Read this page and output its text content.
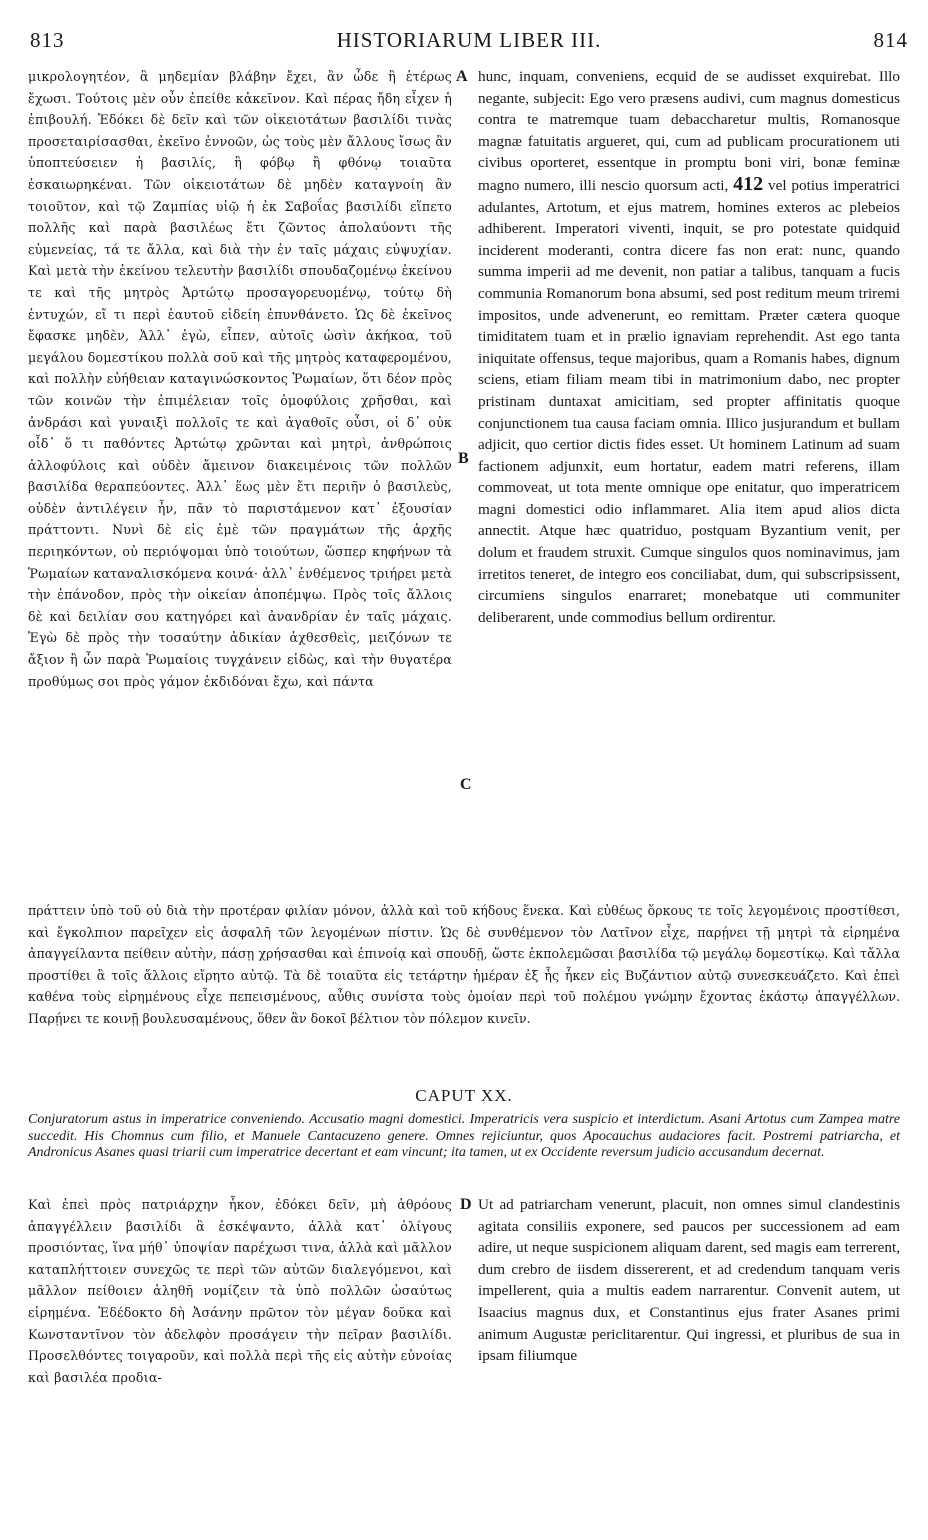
813	HISTORIARUM LIBER III.	814

μικρολογητέον, ἃ μηδεμίαν βλάβην ἔχει, ἂν ὧδε ἢ ἑτέρως ἔχωσι. Τούτοις μὲν οὖν ἐπείθε κἀκεῖνον. Καὶ πέρας ἤδη εἶχεν ἡ ἐπιβουλή. Ἐδόκει δὲ δεῖν καὶ τῶν οἰκειοτάτων βασιλίδι τινὰς προσεταιρίσασθαι, ἐκεῖνο ἐννοῶν, ὡς τοὺς μὲν ἄλλους ἴσως ἂν ὑποπτεύσειεν ἡ βασιλίς, ἢ φόβῳ ἢ φθόνῳ τοιαῦτα ἐσκαιωρηκέναι. Τῶν οἰκειοτάτων δὲ μηδὲν καταγνοίη ἂν τοιοῦτον, καὶ τῷ Ζαμπίας υἱῷ ἡ ἐκ Σαβοΐας βασιλίδι εἵπετο πολλῆς καὶ παρὰ βασιλέως ἔτι ζῶντος ἀπολαύοντι τῆς εὐμενείας, τά τε ἄλλα, καὶ διὰ τὴν ἐν ταῖς μάχαις εὐψυχίαν. Καὶ μετὰ τὴν ἐκείνου τελευτὴν βασιλίδι σπουδαζομένῳ ἐκείνου τε καὶ τῆς μητρὸς Ἀρτώτῳ προσαγορευομένῳ, τούτῳ δὴ ἐντυχών, εἴ τι περὶ ἑαυτοῦ εἰδείη ἐπυνθάνετο. Ὡς δὲ ἐκεῖνος ἔφασκε μηδὲν, Ἀλλ᾽ ἐγὼ, εἶπεν, αὐτοῖς ὠσὶν ἀκήκοα, τοῦ μεγάλου δομεστίκου πολλὰ σοῦ καὶ τῆς μητρὸς καταφερομένου, καὶ πολλὴν εὐήθειαν καταγινώσκοντος Ῥωμαίων, ὅτι δέον πρὸς τῶν κοινῶν τὴν ἐπιμέλειαν τοῖς ὁμοφύλοις χρῆσθαι, καὶ ἀνδράσι καὶ γυναιξὶ πολλοῖς τε καὶ ἀγαθοῖς οὖσι, οἱ δ᾽ οὐκ οἶδ᾽ ὅ τι παθόντες Ἀρτώτῳ χρῶνται καὶ μητρὶ, ἀνθρώποις ἀλλοφύλοις καὶ οὐδὲν ἄμεινον διακειμένοις τῶν πολλῶν βασιλίδα θεραπεύοντες. Ἀλλ᾽ ἕως μὲν ἔτι περιῆν ὁ βασιλεὺς, οὐδὲν ἀντιλέγειν ἦν, πᾶν τὸ παριστάμενον κατ᾽ ἐξουσίαν πράττοντι. Νυνὶ δὲ εἰς ἐμὲ τῶν πραγμάτων τῆς ἀρχῆς περιηκόντων, οὐ περιόψομαι ὑπὸ τοιούτων, ὥσπερ κηφήνων τὰ Ῥωμαίων καταναλισκόμενα κοινά· ἀλλ᾽ ἐνθέμενος τριήρει μετὰ τὴν ἐπάνοδον, πρὸς τὴν οἰκείαν ἀποπέμψω. Πρὸς τοῖς ἄλλοις δὲ καὶ δειλίαν σου κατηγόρει καὶ ἀνανδρίαν ἐν ταῖς μάχαις. Ἐγὼ δὲ πρὸς τὴν τοσαύτην ἀδικίαν ἀχθεσθεὶς, μειζόνων τε ἄξιον ἢ ὧν παρὰ Ῥωμαίοις τυγχάνειν εἰδὼς, καὶ τὴν θυγατέρα προθύμως σοι πρὸς γάμον ἐκδιδόναι ἔχω, καὶ πάντα

A
B
C

hunc, inquam, conveniens, ecquid de se audisset exquirebat. Illo negante, subjecit: Ego vero præsens audivi, cum magnus domesticus contra te matremque tuam debaccharetur multis, Romanosque magnæ fatuitatis argueret, qui, cum ad publicam procurationem uti civibus oporteret, essentque in promptu boni viri, bonæ feminæ magno numero, illi nescio quorsum acti, 412 vel potius imperatrici adulantes, Artotum, et ejus matrem, homines exteros ac plebeios adhiberent. Imperatori viventi, inquit, se pro potestate quidquid inciderent moderanti, contra dicere fas non erat: nunc, quando summa imperii ad me devenit, non patiar a talibus, tanquam a fucis communia Romanorum bona absumi, sed post reditum meum triremi impositos, unde advenerunt, eo remittam. Præter cætera quoque timiditatem tuam et in prælio ignaviam reprehendit. Ast ego tanta iniquitate offensus, teque majoribus, quam a Romanis habes, dignum sciens, etiam filiam meam tibi in matrimonium dabo, nec propter pristinam duntaxat amicitiam, sed propter affinitatis quoque conjunctionem tua causa faciam omnia. Illico jusjurandum et bullam adjicit, quo certior dictis fides esset. Ut hominem Latinum ad suam factionem adjunxit, eum hortatur, eadem matri referens, illam commoveat, ut tota mente omnique ope enitatur, quo imperatricem magni domestici odio inflammaret. Alia item apud alios dicta annectit. Atque hæc quatriduo, postquam Byzantium venit, per dolum et fraudem struxit. Cumque singulos quos nominavimus, jam irretitos teneret, de integro eos conciliabat, dum, qui subscripsissent, circumiens singulos enarraret; monebatque uti communiter deliberarent, unde commodius bellum ordirentur.

πράττειν ὑπὸ τοῦ οὐ διὰ τὴν προτέραν φιλίαν μόνον, ἀλλὰ καὶ τοῦ κήδους ἕνεκα. Καὶ εὐθέως ὅρκους τε τοῖς λεγομένοις προστίθεσι, καὶ ἔγκολπιον παρεῖχεν εἰς ἀσφαλῆ τῶν λεγομένων πίστιν. Ὡς δὲ συνθέμενον τὸν Λατῖνον εἶχε, παρῄνει τῇ μητρὶ τὰ εἰρημένα ἀπαγγείλαντα πείθειν αὐτὴν, πάσῃ χρήσασθαι καὶ ἐπινοίᾳ καὶ σπουδῇ, ὥστε ἐκπολεμῶσαι βασιλίδα τῷ μεγάλῳ δομεστίκῳ. Καὶ τἄλλα προστίθει ἃ τοῖς ἄλλοις εἴρητο αὐτῷ. Τὰ δὲ τοιαῦτα εἰς τετάρτην ἡμέραν ἐξ ἧς ἧκεν εἰς Βυζάντιον αὐτῷ συνεσκευάζετο. Καὶ ἐπεὶ καθένα τοὺς εἰρημένους εἶχε πεπεισμένους, αὖθις συνίστα τοὺς ὁμοίαν περὶ τοῦ πολέμου γνώμην ἔχοντας ἑκάστῳ ἀπαγγέλλων. Παρῄνει τε κοινῇ βουλευσαμένους, ὅθεν ἂν δοκοῖ βέλτιον τὸν πόλεμον κινεῖν.

CAPUT XX.
Conjuratorum astus in imperatrice conveniendo. Accusatio magni domestici. Imperatricis vera suspicio et interdictum. Asani Artotus cum Zampea matre succedit. His Chomnus cum filio, et Manuele Cantacuzeno genere. Omnes rejiciuntur, quos Apocauchus audaciores facit. Postremi patriarcha, et Andronicus Asanes quasi triarii cum imperatrice decertant et eam vincunt; ita tamen, ut ex Occidente reversum judicio accusandum decernat.

Καὶ ἐπεὶ πρὸς πατριάρχην ἧκον, ἐδόκει δεῖν, μὴ ἀθρόους ἀπαγγέλλειν βασιλίδι ἃ ἐσκέψαντο, ἀλλὰ κατ᾽ ὀλίγους προσιόντας, ἵνα μήθ᾽ ὑποψίαν παρέχωσι τινα, ἀλλὰ καὶ μᾶλλον καταπλήττοιεν συνεχῶς τε περὶ τῶν αὐτῶν διαλεγόμενοι, καὶ μᾶλλον πείθοιεν ἀληθῆ νομίζειν τὰ ὑπὸ πολλῶν ὡσαύτως εἰρημένα. Ἐδέδοκτο δὴ Ἀσάνην πρῶτον τὸν μέγαν δοῦκα καὶ Κωνσταντῖνον τὸν ἀδελφὸν προσάγειν τὴν πεῖραν βασιλίδι. Προσελθόντες τοιγαροῦν, καὶ πολλὰ περὶ τῆς εἰς αὐτὴν εὐνοίας καὶ βασιλέα προδια-

D Ut ad patriarcham venerunt, placuit, non omnes simul clandestinis agitata consiliis exponere, sed paucos per successionem ad eam adire, ut neque suspicionem aliquam darent, sed magis eam terrerent, dum crebro de iisdem dissererent, et ad credendum tanquam veris impellerent, quia a multis eadem narrarentur. Convenit autem, ut Isaacius magnus dux, et Constantinus ejus frater Asanes primi animum Augustæ periclitarentur. Qui ingressi, et pluribus de sua in ipsam filiumque
